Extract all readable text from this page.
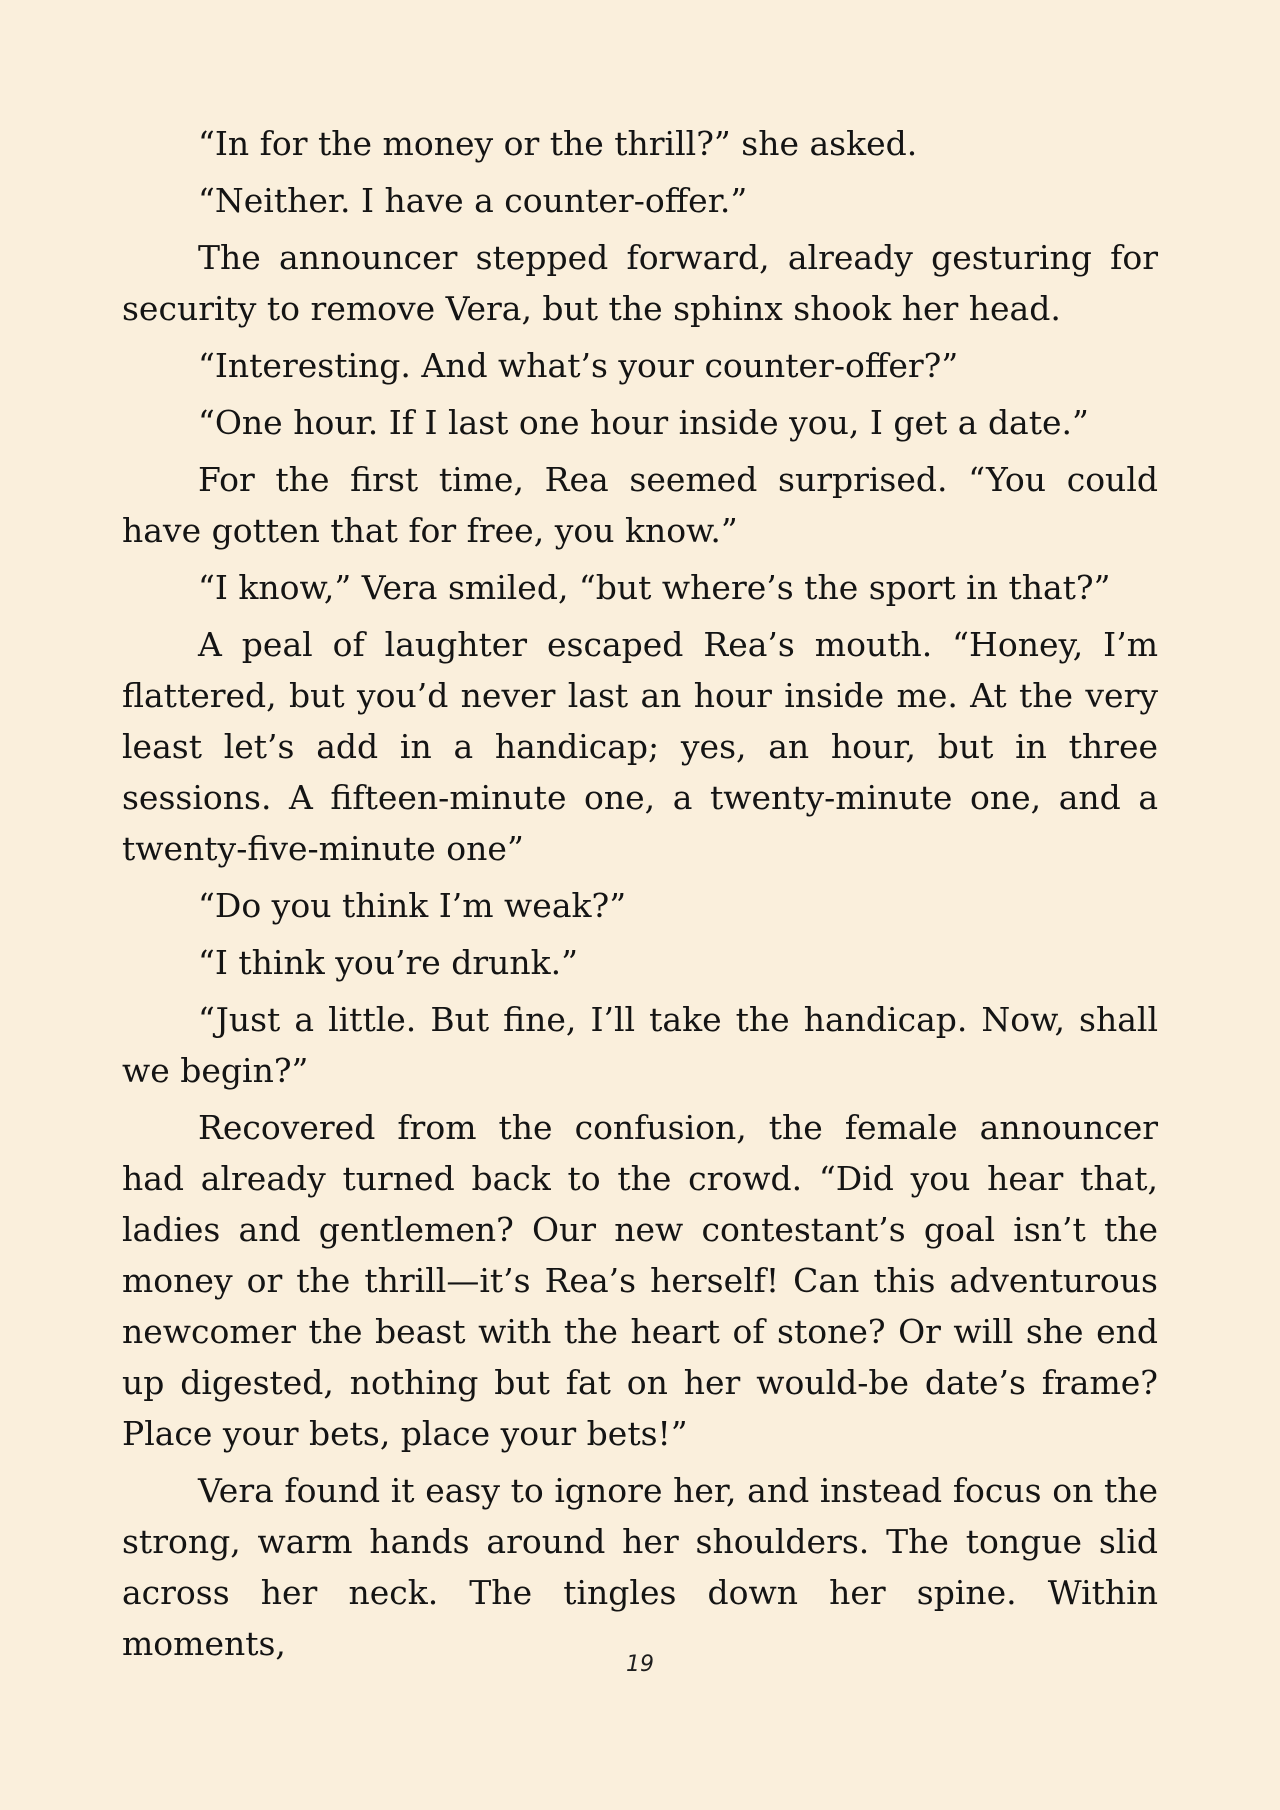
“In for the money or the thrill?” she asked.

“Neither. I have a counter-offer.”

The announcer stepped forward, already gesturing for security to remove Vera, but the sphinx shook her head.

“Interesting. And what’s your counter-offer?”

“One hour. If I last one hour inside you, I get a date.”

For the first time, Rea seemed surprised. “You could have gotten that for free, you know.”

“I know,” Vera smiled, “but where’s the sport in that?”

A peal of laughter escaped Rea’s mouth. “Honey, I’m flattered, but you’d never last an hour inside me. At the very least let’s add in a handicap; yes, an hour, but in three sessions. A fifteen-minute one, a twenty-minute one, and a twenty-five-minute one”

“Do you think I’m weak?”

“I think you’re drunk.”

“Just a little. But fine, I’ll take the handicap. Now, shall we begin?”

Recovered from the confusion, the female announcer had already turned back to the crowd. “Did you hear that, ladies and gentlemen? Our new contestant’s goal isn’t the money or the thrill—it’s Rea’s herself! Can this adventurous newcomer the beast with the heart of stone? Or will she end up digested, nothing but fat on her would-be date’s frame? Place your bets, place your bets!”

Vera found it easy to ignore her, and instead focus on the strong, warm hands around her shoulders. The tongue slid across her neck. The tingles down her spine. Within moments,

19
